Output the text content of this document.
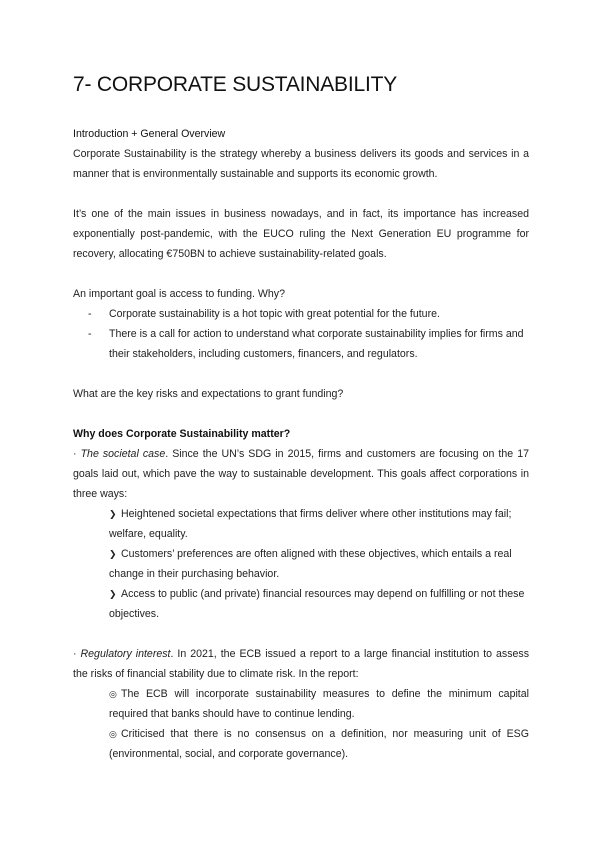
7- CORPORATE SUSTAINABILITY

Introduction + General Overview

Corporate Sustainability is the strategy whereby a business delivers its goods and services in a manner that is environmentally sustainable and supports its economic growth.

It’s one of the main issues in business nowadays, and in fact, its importance has increased exponentially post-pandemic, with the EUCO ruling the Next Generation EU programme for recovery, allocating €750BN to achieve sustainability-related goals.

An important goal is access to funding. Why?

- Corporate sustainability is a hot topic with great potential for the future.
- There is a call for action to understand what corporate sustainability implies for firms and their stakeholders, including customers, financers, and regulators.

What are the key risks and expectations to grant funding?

Why does Corporate Sustainability matter?

· The societal case. Since the UN’s SDG in 2015, firms and customers are focusing on the 17 goals laid out, which pave the way to sustainable development. This goals affect corporations in three ways:

❯ Heightened societal expectations that firms deliver where other institutions may fail; welfare, equality.
❯ Customers’ preferences are often aligned with these objectives, which entails a real change in their purchasing behavior.
❯ Access to public (and private) financial resources may depend on fulfilling or not these objectives.

· Regulatory interest. In 2021, the ECB issued a report to a large financial institution to assess the risks of financial stability due to climate risk. In the report:

◎ The ECB will incorporate sustainability measures to define the minimum capital required that banks should have to continue lending.
◎ Criticised that there is no consensus on a definition, nor measuring unit of ESG (environmental, social, and corporate governance).
